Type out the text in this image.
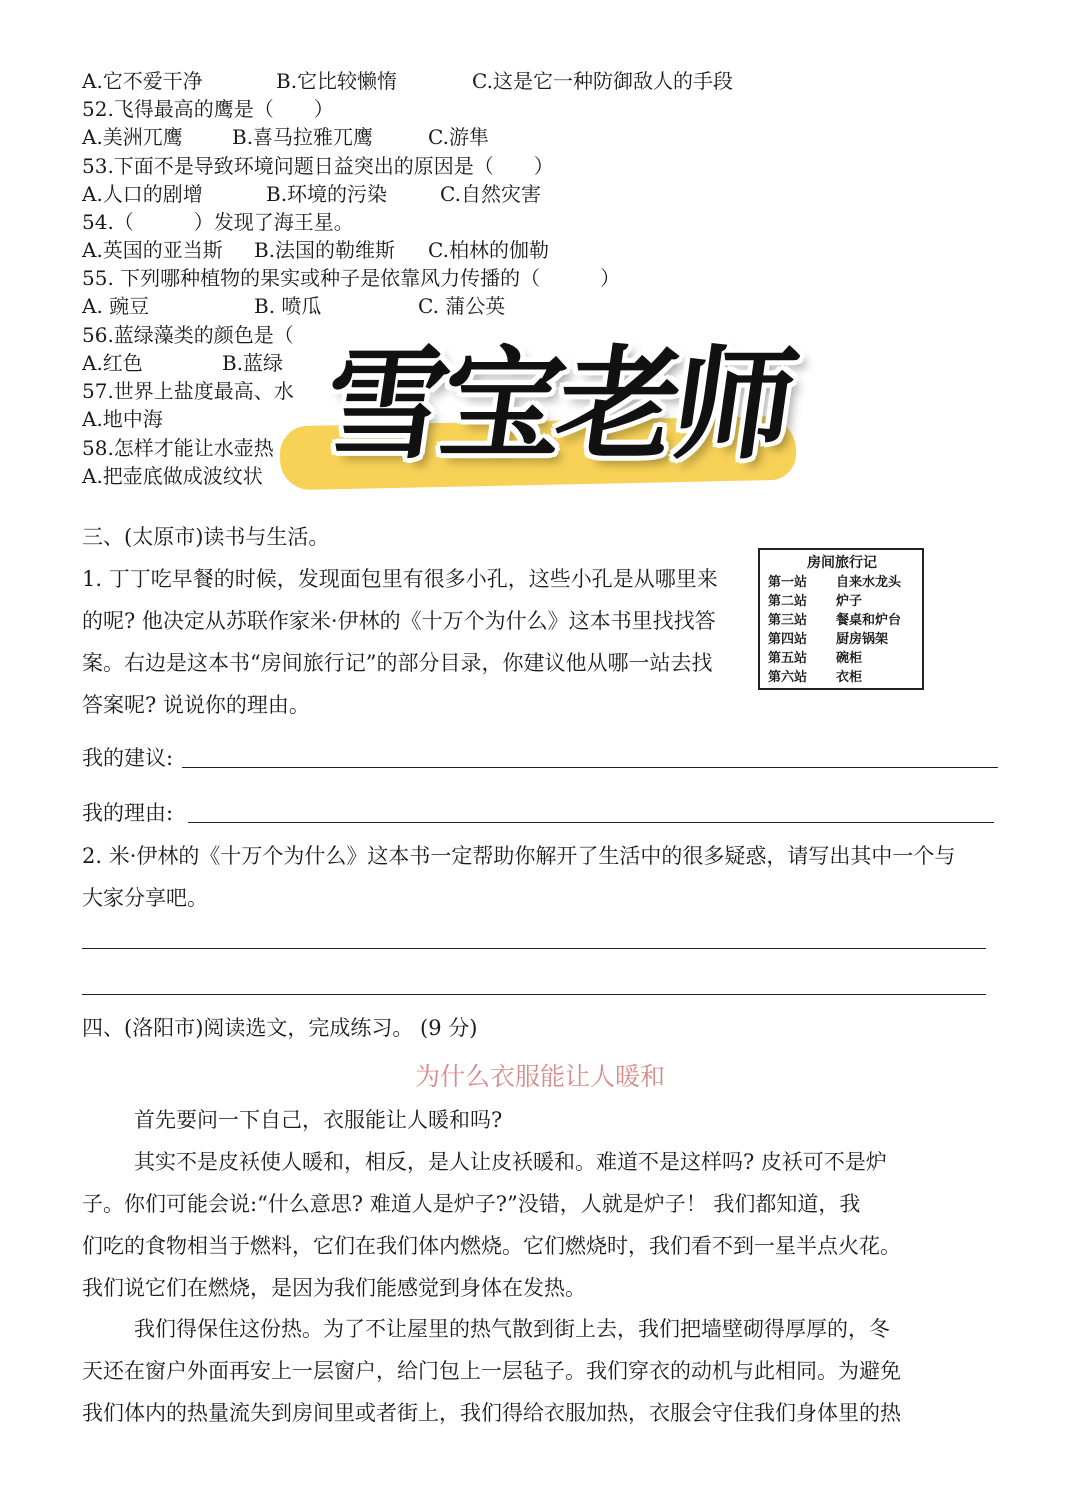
A.它不爱干净	B.它比较懒惰	C.这是它一种防御敌人的手段
52.飞得最高的鹰是（　　）
A.美洲兀鹰 B.喜马拉雅兀鹰	C.游隼
53.下面不是导致环境问题日益突出的原因是（　　）
A.人口的剧增	B.环境的污染	C.自然灾害
54.（　　　）发现了海王星。
A.英国的亚当斯 B.法国的勒维斯 C.柏林的伽勒
55. 下列哪种植物的果实或种子是依靠风力传播的（　　　）
A. 豌豆	B. 喷瓜	C. 蒲公英
56.蓝绿藻类的颜色是（
A.红色	B.蓝绿
57.世界上盐度最高、水
A.地中海
58.怎样才能让水壶热
A.把壶底做成波纹状 雪宝老师
三、(太原市)读书与生活。
1. 丁丁吃早餐的时候，发现面包里有很多小孔，这些小孔是从哪里来
的呢? 他决定从苏联作家米·伊林的《十万个为什么》这本书里找找答
案。右边是这本书“房间旅行记”的部分目录，你建议他从哪一站去找
答案呢? 说说你的理由。
房间旅行记
第一站 自来水龙头
第二站 炉子
第三站 餐桌和炉台
第四站 厨房锅架
第五站 碗柜
第六站 衣柜
我的建议:
我的理由:
2. 米·伊林的《十万个为什么》这本书一定帮助你解开了生活中的很多疑惑，请写出其中一个与
大家分享吧。
四、(洛阳市)阅读选文，完成练习。 (9 分)
为什么衣服能让人暖和
首先要问一下自己，衣服能让人暖和吗?
其实不是皮袄使人暖和，相反，是人让皮袄暖和。难道不是这样吗? 皮袄可不是炉
子。你们可能会说:“什么意思? 难道人是炉子?”没错，人就是炉子！ 我们都知道，我
们吃的食物相当于燃料，它们在我们体内燃烧。它们燃烧时，我们看不到一星半点火花。
我们说它们在燃烧，是因为我们能感觉到身体在发热。
我们得保住这份热。为了不让屋里的热气散到街上去，我们把墙壁砌得厚厚的，冬
天还在窗户外面再安上一层窗户，给门包上一层毡子。我们穿衣的动机与此相同。为避免
我们体内的热量流失到房间里或者街上，我们得给衣服加热，衣服会守住我们身体里的热
